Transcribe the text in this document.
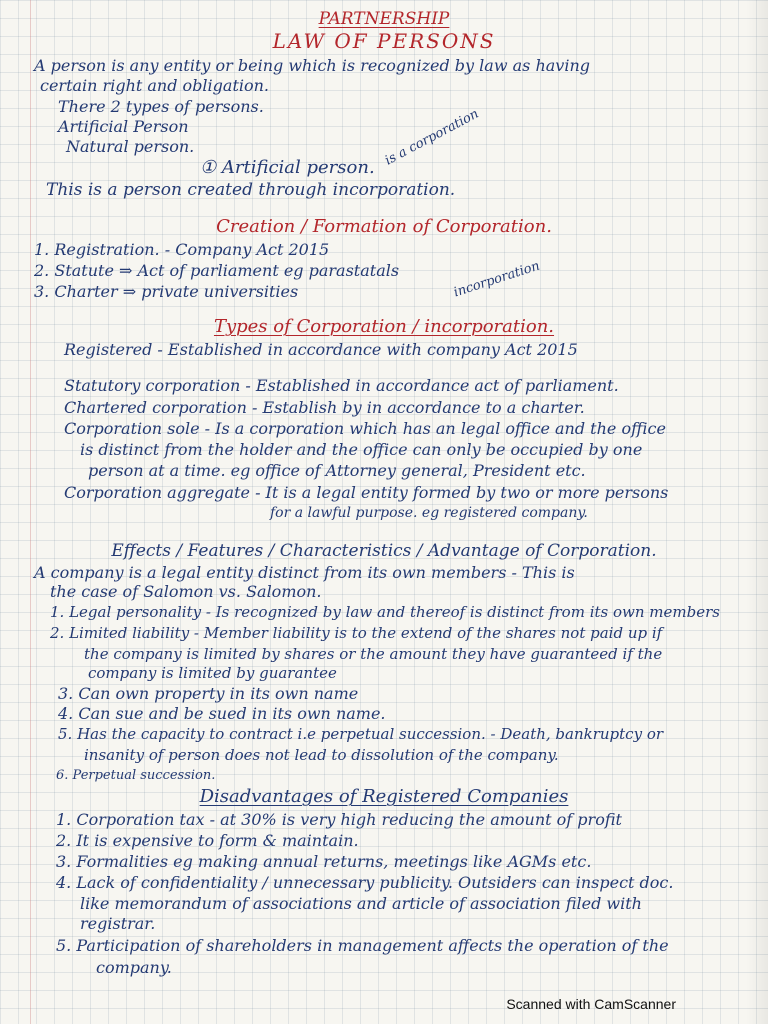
PARTNERSHIP
LAW OF PERSONS
A person is any entity or being which is recognized by law as having
certain right and obligation.
There 2 types of persons.
Artificial Person
Natural person.
① Artificial person. is a corporation
This is a person created through incorporation.
Creation / Formation of Corporation.
1. Registration. - Company Act 2015
2. Statute ⇒ Act of parliament eg parastatals
3. Charter ⇒ private universities	incorporation
Types of Corporation / incorporation.
Registered - Established in accordance with company Act 2015
Statutory corporation - Established in accordance act of parliament.
Chartered corporation - Establish by in accordance to a charter.
Corporation sole - Is a corporation which has an legal office and the office
is distinct from the holder and the office can only be occupied by one
person at a time. eg office of Attorney general, President etc.
Corporation aggregate - It is a legal entity formed by two or more persons
for a lawful purpose. eg registered company.
Effects / Features / Characteristics / Advantage of Corporation.
A company is a legal entity distinct from its own members - This is
the case of Salomon vs. Salomon.
1. Legal personality - Is recognized by law and thereof is distinct from its own members
2. Limited liability - Member liability is to the extend of the shares not paid up if
the company is limited by shares or the amount they have guaranteed if the
company is limited by guarantee
3. Can own property in its own name
4. Can sue and be sued in its own name.
5. Has the capacity to contract i.e perpetual succession. - Death, bankruptcy or
insanity of person does not lead to dissolution of the company.
6. Perpetual succession.
Disadvantages of Registered Companies
1. Corporation tax - at 30% is very high reducing the amount of profit
2. It is expensive to form & maintain.
3. Formalities eg making annual returns, meetings like AGMs etc.
4. Lack of confidentiality / unnecessary publicity. Outsiders can inspect doc.
like memorandum of associations and article of association filed with
registrar.
5. Participation of shareholders in management affects the operation of the
company.
Scanned with CamScanner
